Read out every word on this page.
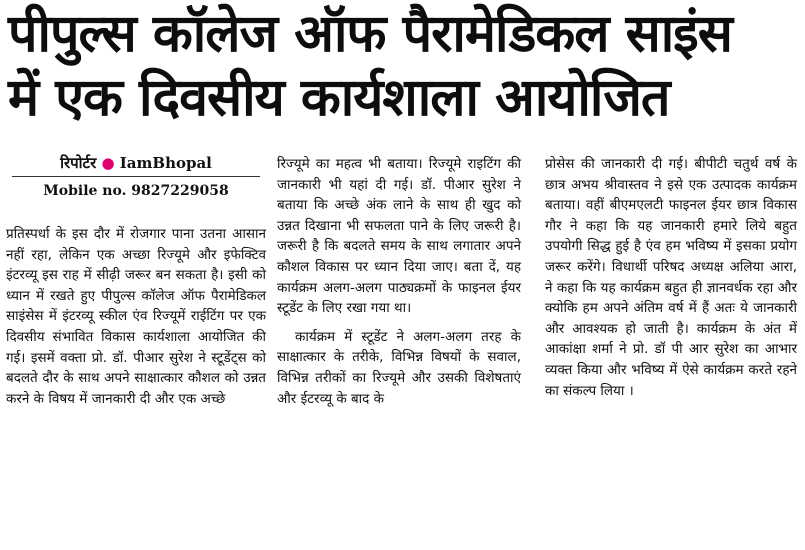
पीपुल्स कॉलेज ऑफ पैरामेडिकल साइंस
में एक दिवसीय कार्यशाला आयोजित
रिपोर्टर ● IamBhopal
Mobile no. 9827229058

प्रतिस्पर्धा के इस दौर में रोजगार पाना उतना आसान नहीं रहा, लेकिन एक अच्छा रिज्यूमे और इफेक्टिव इंटरव्यू इस राह में सीढ़ी जरूर बन सकता है। इसी को ध्यान में रखते हुए पीपुल्स कॉलेज ऑफ पैरामेडिकल साइंसेस में इंटरव्यू स्कील एंव रिज्यूमें राईटिंग पर एक दिवसीय संभावित विकास कार्यशाला आयोजित की गई। इसमें वक्ता प्रो. डॉ. पीआर सुरेश ने स्टूडेंट्स को बदलते दौर के साथ अपने साक्षात्कार कौशल को उन्नत करने के विषय में जानकारी दी और एक अच्छे

रिज्यूमे का महत्व भी बताया। रिज्यूमे राइटिंग की जानकारी भी यहां दी गई। डॉ. पीआर सुरेश ने बताया कि अच्छे अंक लाने के साथ ही खुद को उन्नत दिखाना भी सफलता पाने के लिए जरूरी है। जरूरी है कि बदलते समय के साथ लगातार अपने कौशल विकास पर ध्यान दिया जाए। बता दें, यह कार्यक्रम अलग-अलग पाठ्यक्रमों के फाइनल ईयर स्टूडेंट के लिए रखा गया था।

कार्यक्रम में स्टूडेंट ने अलग-अलग तरह के साक्षात्कार के तरीके, विभिन्न विषयों के सवाल, विभिन्न तरीकों का रिज्यूमे और उसकी विशेषताएं और ईटरव्यू के बाद के

प्रोसेस की जानकारी दी गई। बीपीटी चतुर्थ वर्ष के छात्र अभय श्रीवास्तव ने इसे एक उत्पादक कार्यक्रम बताया। वहीं बीएमएलटी फाइनल ईयर छात्र विकास गौर ने कहा कि यह जानकारी हमारे लिये बहुत उपयोगी सिद्ध हुई है एंव हम भविष्य में इसका प्रयोग जरूर करेंगे। विधार्थी परिषद अध्यक्ष अलिया आरा, ने कहा कि यह कार्यक्रम बहुत ही ज्ञानवर्धक रहा और क्योकि हम अपने अंतिम वर्ष में हैं अतः ये जानकारी और आवश्यक हो जाती है। कार्यक्रम के अंत में आकांक्षा शर्मा ने प्रो. डॉ पी आर सुरेश का आभार व्यक्त किया और भविष्य में ऐसे कार्यक्रम करते रहने का संकल्प लिया ।
